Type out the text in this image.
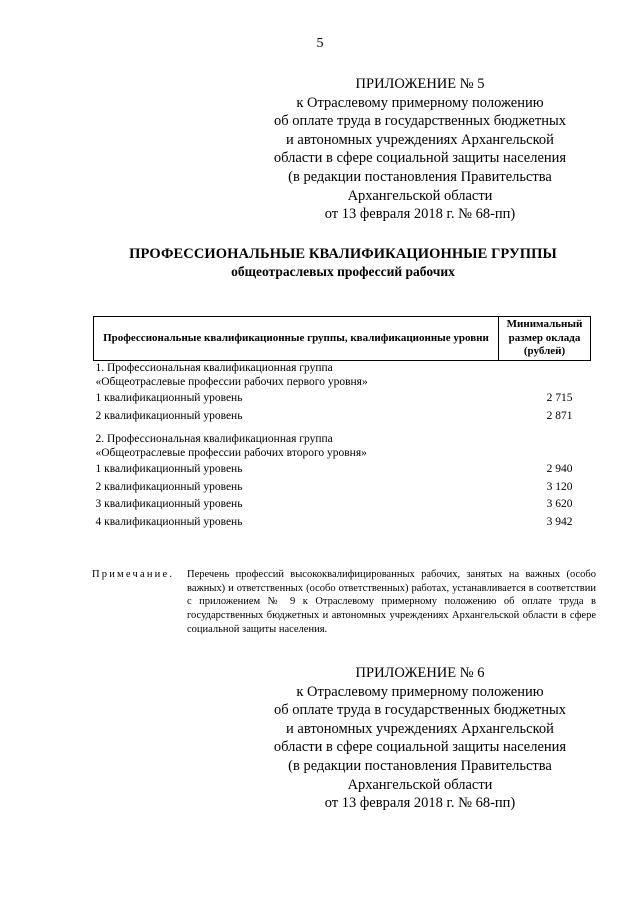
5
ПРИЛОЖЕНИЕ № 5
к Отраслевому примерному положению
об оплате труда в государственных бюджетных
и автономных учреждениях Архангельской
области в сфере социальной защиты населения
(в редакции постановления Правительства
Архангельской области
от 13 февраля 2018 г. № 68-пп)
ПРОФЕССИОНАЛЬНЫЕ КВАЛИФИКАЦИОННЫЕ ГРУППЫ
общеотраслевых профессий рабочих
Профессиональные квалификационные группы, квалификационные уровни	Минимальный размер оклада (рублей)

1. Профессиональная квалификационная группа
«Общеотраслевые профессии рабочих первого уровня»	

1 квалификационный уровень	2 715
2 квалификационный уровень	2 871

2. Профессиональная квалификационная группа
«Общеотраслевые профессии рабочих второго уровня»	

1 квалификационный уровень	2 940
2 квалификационный уровень	3 120
3 квалификационный уровень	3 620
4 квалификационный уровень	3 942
Примечание. Перечень профессий высококвалифицированных рабочих, занятых на важных (особо важных) и ответственных (особо ответственных) работах, устанавливается в соответствии с приложением № 9 к Отраслевому примерному положению об оплате труда в государственных бюджетных и автономных учреждениях Архангельской области в сфере социальной защиты населения.
ПРИЛОЖЕНИЕ № 6
к Отраслевому примерному положению
об оплате труда в государственных бюджетных
и автономных учреждениях Архангельской
области в сфере социальной защиты населения
(в редакции постановления Правительства
Архангельской области
от 13 февраля 2018 г. № 68-пп)
